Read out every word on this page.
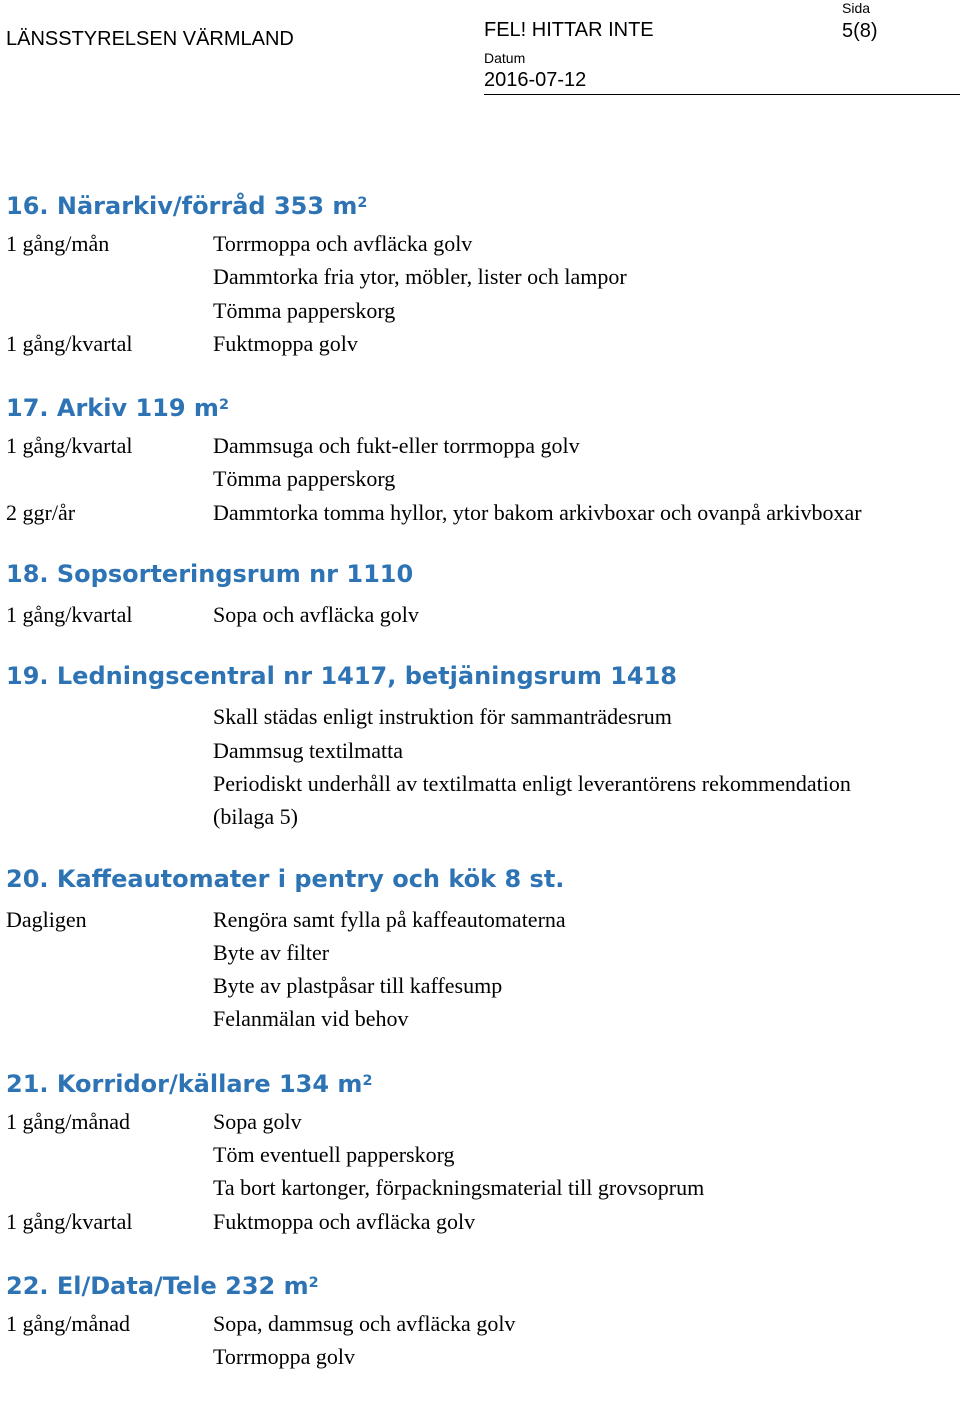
LÄNSSTYRELSEN VÄRMLAND	FEL! HITTAR INTE
Datum
2016-07-12
Sida
5(8)
16. Närarkiv/förråd 353 $m^2$
1 gång/mån	Torrmoppa och avfläcka golv
Dammtorka fria ytor, möbler, lister och lampor
Tömma papperskorg
1 gång/kvartal	Fuktmoppa golv
17. Arkiv 119 $m^2$
1 gång/kvartal	Dammsuga och fukt-eller torrmoppa golv
Tömma papperskorg
2 ggr/år	Dammtorka tomma hyllor, ytor bakom arkivboxar och ovanpå arkivboxar
18. Sopsorteringsrum nr 1110
1 gång/kvartal	Sopa och avfläcka golv
19. Ledningscentral nr 1417, betjäningsrum 1418
Skall städas enligt instruktion för sammanträdesrum
Dammsug textilmatta
Periodiskt underhåll av textilmatta enligt leverantörens rekommendation
(bilaga 5)
20. Kaffeautomater i pentry och kök 8 st.
Dagligen	Rengöra samt fylla på kaffeautomaterna
Byte av filter
Byte av plastpåsar till kaffesump
Felanmälan vid behov
21. Korridor/källare 134 $m^2$
1 gång/månad	Sopa golv
Töm eventuell papperskorg
Ta bort kartonger, förpackningsmaterial till grovsoprum
1 gång/kvartal	Fuktmoppa och avfläcka golv
22. El/Data/Tele 232 $m^2$
1 gång/månad	Sopa, dammsug och avfläcka golv
Torrmoppa golv
